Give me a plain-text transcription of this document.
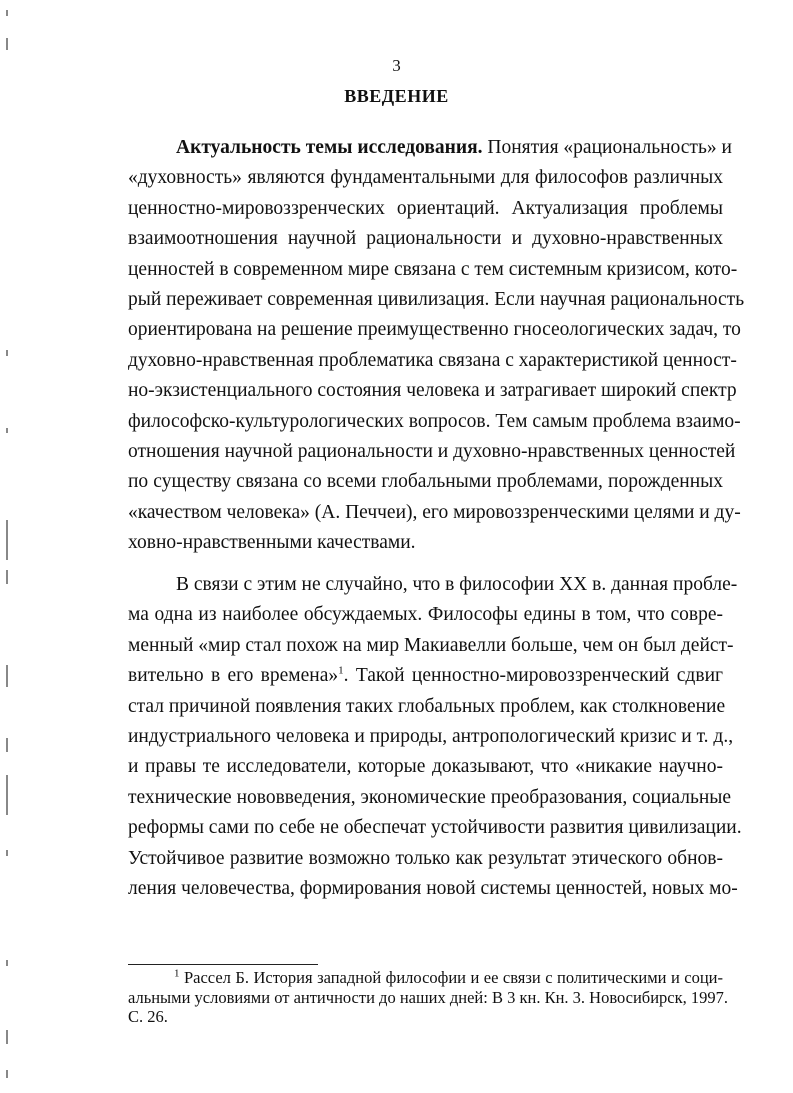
3
ВВЕДЕНИЕ
Актуальность темы исследования. Понятия «рациональность» и
«духовность» являются фундаментальными для философов различных
ценностно-мировоззренческих ориентаций. Актуализация проблемы
взаимоотношения научной рациональности и духовно-нравственных
ценностей в современном мире связана с тем системным кризисом, кото-
рый переживает современная цивилизация. Если научная рациональность
ориентирована на решение преимущественно гносеологических задач, то
духовно-нравственная проблематика связана с характеристикой ценност-
но-экзистенциального состояния человека и затрагивает широкий спектр
философско-культурологических вопросов. Тем самым проблема взаимо-
отношения научной рациональности и духовно-нравственных ценностей
по существу связана со всеми глобальными проблемами, порожденных
«качеством человека» (А. Печчеи), его мировоззренческими целями и ду-
ховно-нравственными качествами.
В связи с этим не случайно, что в философии XX в. данная пробле-
ма одна из наиболее обсуждаемых. Философы едины в том, что совре-
менный «мир стал похож на мир Макиавелли больше, чем он был дейст-
вительно в его времена»$^1$. Такой ценностно-мировоззренческий сдвиг
стал причиной появления таких глобальных проблем, как столкновение
индустриального человека и природы, антропологический кризис и т. д.,
и правы те исследователи, которые доказывают, что «никакие научно-
технические нововведения, экономические преобразования, социальные
реформы сами по себе не обеспечат устойчивости развития цивилизации.
Устойчивое развитие возможно только как результат этического обнов-
ления человечества, формирования новой системы ценностей, новых мо-
$^1$ Рассел Б. История западной философии и ее связи с политическими и соци-
альными условиями от античности до наших дней: В 3 кн. Кн. 3. Новосибирск, 1997.
С. 26.
